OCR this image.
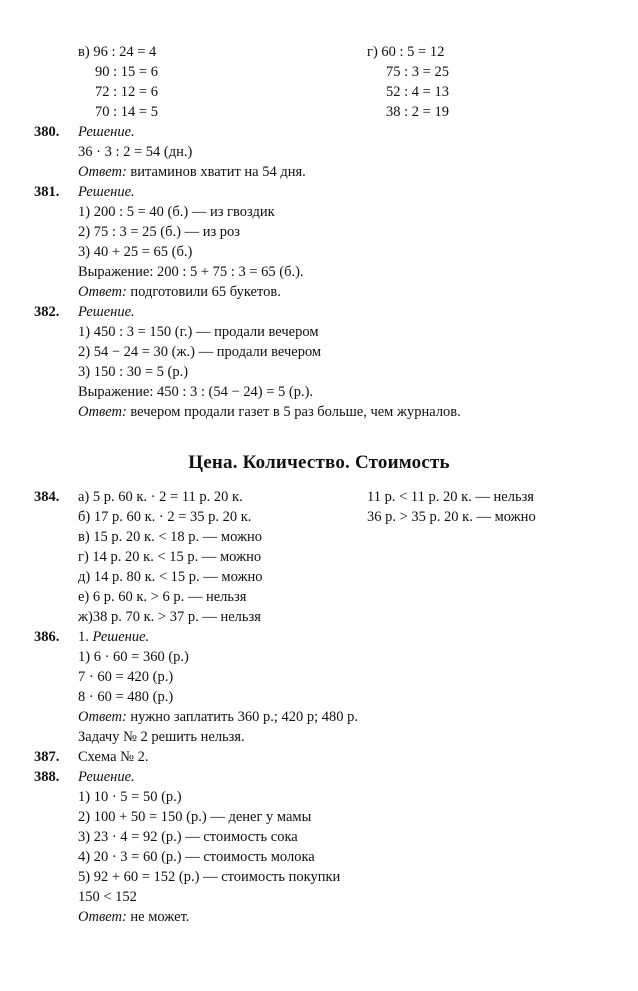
в) 96 : 24 = 4	г) 60 : 5 = 12
90 : 15 = 6	75 : 3 = 25
72 : 12 = 6	52 : 4 = 13
70 : 14 = 5	38 : 2 = 19
380. Решение.
36 · 3 : 2 = 54 (дн.)
Ответ: витаминов хватит на 54 дня.
381. Решение.
1) 200 : 5 = 40 (б.) — из гвоздик
2) 75 : 3 = 25 (б.) — из роз
3) 40 + 25 = 65 (б.)
Выражение: 200 : 5 + 75 : 3 = 65 (б.).
Ответ: подготовили 65 букетов.
382. Решение.
1) 450 : 3 = 150 (г.) — продали вечером
2) 54 − 24 = 30 (ж.) — продали вечером
3) 150 : 30 = 5 (р.)
Выражение: 450 : 3 : (54 − 24) = 5 (р.).
Ответ: вечером продали газет в 5 раз больше, чем журналов.
Цена. Количество. Стоимость
384. а) 5 р. 60 к. · 2 = 11 р. 20 к.	11 р. < 11 р. 20 к. — нельзя
б) 17 р. 60 к. · 2 = 35 р. 20 к.	36 р. > 35 р. 20 к. — можно
в) 15 р. 20 к. < 18 р. — можно
г) 14 р. 20 к. < 15 р. — можно
д) 14 р. 80 к. < 15 р. — можно
е) 6 р. 60 к. > 6 р. — нельзя
ж)38 р. 70 к. > 37 р. — нельзя
386. 1. Решение.
1) 6 · 60 = 360 (р.)
7 · 60 = 420 (р.)
8 · 60 = 480 (р.)
Ответ: нужно заплатить 360 р.; 420 р; 480 р.
Задачу № 2 решить нельзя.
387. Схема № 2.
388. Решение.
1) 10 · 5 = 50 (р.)
2) 100 + 50 = 150 (р.) — денег у мамы
3) 23 · 4 = 92 (р.) — стоимость сока
4) 20 · 3 = 60 (р.) — стоимость молока
5) 92 + 60 = 152 (р.) — стоимость покупки
150 < 152
Ответ: не может.
